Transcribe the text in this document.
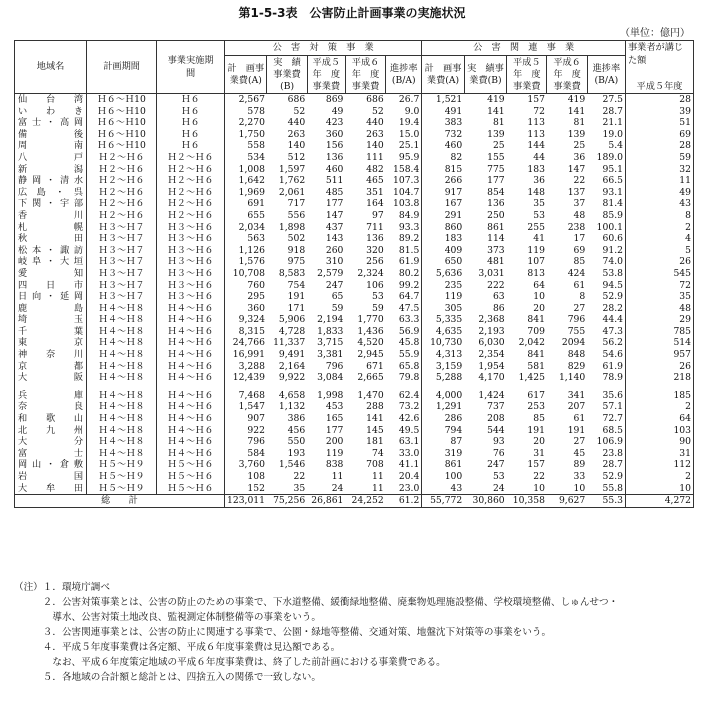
第1-5-3表　公害防止計画事業の実施状況
（単位：億円）
地域名	計画期間	事業実施期　　間	公　害　対　策　事　業					公　害　関　連　事　業					事業者が講じた額

平成５年度

			計　画事業費(A)	実　績事業費(B)	平成５年　度事業費	平成６年　度事業費	進捗率(B/A)	計　画事業費(A)	実　績事業費(B)	平成５年　度事業費	平成６年　度事業費	進捗率(B/A)	
仙台湾	Ｈ６～Ｈ10	Ｈ６	2,567	686	869	686	26.7	1,521	419	157	419	27.5	28
いわき	Ｈ６～Ｈ10	Ｈ６	578	52	49	52	9.0	491	141	72	141	28.7	39
富士・高岡	Ｈ６～Ｈ10	Ｈ６	2,270	440	423	440	19.4	383	81	113	81	21.1	51
備後	Ｈ６～Ｈ10	Ｈ６	1,750	263	360	263	15.0	732	139	113	139	19.0	69
周南	Ｈ６～Ｈ10	Ｈ６	558	140	156	140	25.1	460	25	144	25	5.4	28
八戸	Ｈ２～Ｈ６	Ｈ２～Ｈ６	534	512	136	111	95.9	82	155	44	36	189.0	59
新潟	Ｈ２～Ｈ６	Ｈ２～Ｈ６	1,008	1,597	460	482	158.4	815	775	183	147	95.1	32
静岡・清水	Ｈ２～Ｈ６	Ｈ２～Ｈ６	1,642	1,762	511	465	107.3	266	177	36	22	66.5	11
広島・呉	Ｈ２～Ｈ６	Ｈ２～Ｈ６	1,969	2,061	485	351	104.7	917	854	148	137	93.1	49
下関・宇部	Ｈ２～Ｈ６	Ｈ２～Ｈ６	691	717	177	164	103.8	167	136	35	37	81.4	43
香川	Ｈ２～Ｈ６	Ｈ２～Ｈ６	655	556	147	97	84.9	291	250	53	48	85.9	8
札幌	Ｈ３～Ｈ７	Ｈ３～Ｈ６	2,034	1,898	437	711	93.3	860	861	255	238	100.1	2
秋田	Ｈ３～Ｈ７	Ｈ３～Ｈ６	563	502	143	136	89.2	183	114	41	17	60.6	4
松本・諏訪	Ｈ３～Ｈ７	Ｈ３～Ｈ６	1,126	918	260	320	81.5	409	373	119	69	91.2	5
岐阜・大垣	Ｈ３～Ｈ７	Ｈ３～Ｈ６	1,576	975	310	256	61.9	650	481	107	85	74.0	26
愛知	Ｈ３～Ｈ７	Ｈ３～Ｈ６	10,708	8,583	2,579	2,324	80.2	5,636	3,031	813	424	53.8	545
四日市	Ｈ３～Ｈ７	Ｈ３～Ｈ６	760	754	247	106	99.2	235	222	64	61	94.5	72
日向・延岡	Ｈ３～Ｈ７	Ｈ３～Ｈ６	295	191	65	53	64.7	119	63	10	8	52.9	35
鹿島	Ｈ４～Ｈ８	Ｈ４～Ｈ６	360	171	59	59	47.5	305	86	20	27	28.2	48
埼玉	Ｈ４～Ｈ８	Ｈ４～Ｈ６	9,324	5,906	2,194	1,770	63.3	5,335	2,368	841	796	44.4	29
千葉	Ｈ４～Ｈ８	Ｈ４～Ｈ６	8,315	4,728	1,833	1,436	56.9	4,635	2,193	709	755	47.3	785
東京	Ｈ４～Ｈ８	Ｈ４～Ｈ６	24,766	11,337	3,715	4,520	45.8	10,730	6,030	2,042	2094	56.2	514
神奈川	Ｈ４～Ｈ８	Ｈ４～Ｈ６	16,991	9,491	3,381	2,945	55.9	4,313	2,354	841	848	54.6	957
京都	Ｈ４～Ｈ８	Ｈ４～Ｈ６	3,288	2,164	796	671	65.8	3,159	1,954	581	829	61.9	26
大阪	Ｈ４～Ｈ８	Ｈ４～Ｈ６	12,439	9,922	3,084	2,665	79.8	5,288	4,170	1,425	1,140	78.9	218

兵庫	Ｈ４～Ｈ８	Ｈ４～Ｈ６	7,468	4,658	1,998	1,470	62.4	4,000	1,424	617	341	35.6	185
奈良	Ｈ４～Ｈ８	Ｈ４～Ｈ６	1,547	1,132	453	288	73.2	1,291	737	253	207	57.1	2
和歌山	Ｈ４～Ｈ８	Ｈ４～Ｈ６	907	386	165	141	42.6	286	208	85	61	72.7	64
北九州	Ｈ４～Ｈ８	Ｈ４～Ｈ６	922	456	177	145	49.5	794	544	191	191	68.5	103
大分	Ｈ４～Ｈ８	Ｈ４～Ｈ６	796	550	200	181	63.1	87	93	20	27	106.9	90
富士	Ｈ４～Ｈ８	Ｈ４～Ｈ６	584	193	119	74	33.0	319	76	31	45	23.8	31
岡山・倉敷	Ｈ５～Ｈ９	Ｈ５～Ｈ６	3,760	1,546	838	708	41.1	861	247	157	89	28.7	112
岩国	Ｈ５～Ｈ９	Ｈ５～Ｈ６	108	22	11	11	20.4	100	53	22	33	52.9	2
大牟田	Ｈ５～Ｈ９	Ｈ５～Ｈ６	152	35	24	11	23.0	43	24	10	10	55.8	10
総　　計			123,011	75,256	26,861	24,252	61.2	55,772	30,860	10,358	9,627	55.3	4,272
（注）１．環境庁調べ
　　　２．公害対策事業とは、公害の防止のための事業で、下水道整備、緩衝緑地整備、廃棄物処理施設整備、学校環境整備、しゅんせつ・
　　　　導水、公害対策土地改良、監視測定体制整備等の事業をいう。
　　　３．公害関連事業とは、公害の防止に関連する事業で、公園・緑地等整備、交通対策、地盤沈下対策等の事業をいう。
　　　４．平成５年度事業費は各定額、平成６年度事業費は見込額である。
　　　　なお、平成６年度策定地域の平成６年度事業費は、終了した前計画における事業費である。
　　　５．各地域の合計額と総計とは、四捨五入の関係で一致しない。
